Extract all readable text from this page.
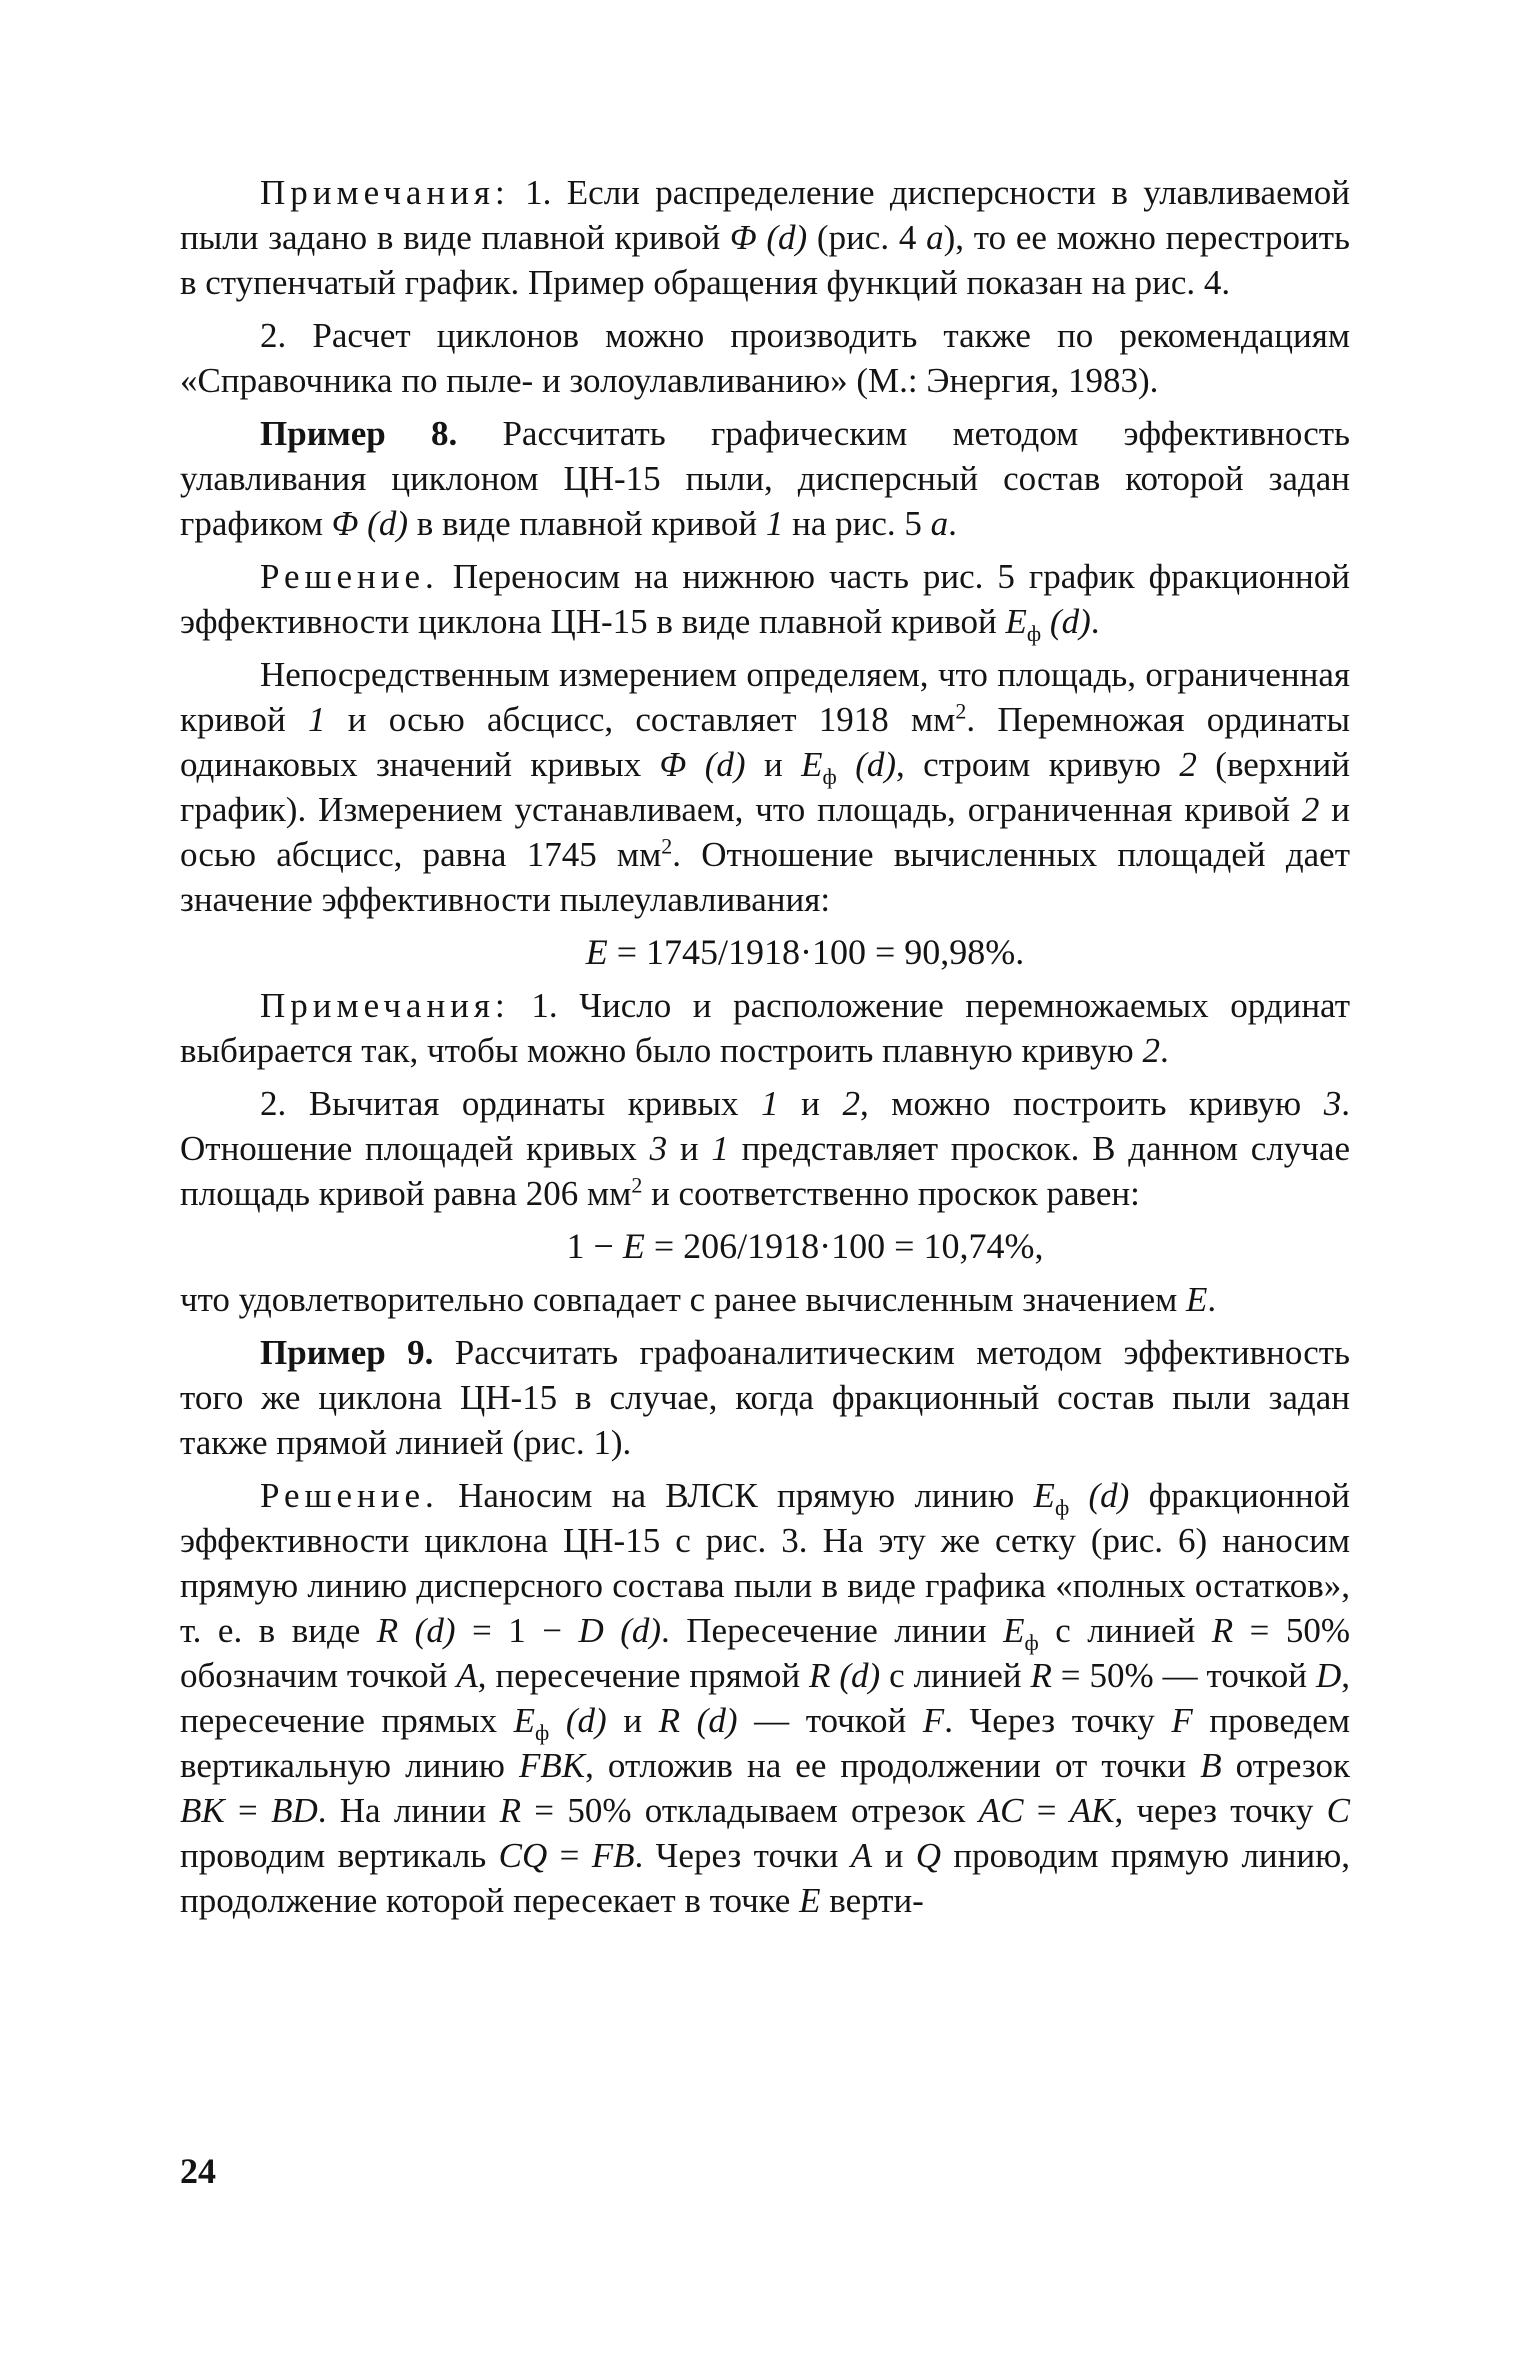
Примечания: 1. Если распределение дисперсности в улавливаемой пыли задано в виде плавной кривой Φ (d) (рис. 4 а), то ее можно перестроить в ступенчатый график. Пример обращения функций показан на рис. 4.

2. Расчет циклонов можно производить также по рекомендациям «Справочника по пыле- и золоулавливанию» (М.: Энергия, 1983).

Пример 8. Рассчитать графическим методом эффективность улавливания циклоном ЦН-15 пыли, дисперсный состав которой задан графиком Φ (d) в виде плавной кривой 1 на рис. 5 а.

Решение. Переносим на нижнюю часть рис. 5 график фракционной эффективности циклона ЦН-15 в виде плавной кривой $E_ф$ (d).

Непосредственным измерением определяем, что площадь, ограниченная кривой 1 и осью абсцисс, составляет 1918 $мм^2$. Перемножая ординаты одинаковых значений кривых Φ (d) и $E_ф$ (d), строим кривую 2 (верхний график). Измерением устанавливаем, что площадь, ограниченная кривой 2 и осью абсцисс, равна 1745 $мм^2$. Отношение вычисленных площадей дает значение эффективности пылеулавливания:

E = 1745/1918·100 = 90,98%.

Примечания: 1. Число и расположение перемножаемых ординат выбирается так, чтобы можно было построить плавную кривую 2.

2. Вычитая ординаты кривых 1 и 2, можно построить кривую 3. Отношение площадей кривых 3 и 1 представляет проскок. В данном случае площадь кривой равна 206 $мм^2$ и соответственно проскок равен:

1 − E = 206/1918·100 = 10,74%,

что удовлетворительно совпадает с ранее вычисленным значением E.

Пример 9. Рассчитать графоаналитическим методом эффективность того же циклона ЦН-15 в случае, когда фракционный состав пыли задан также прямой линией (рис. 1).

Решение. Наносим на ВЛСК прямую линию $E_ф$ (d) фракционной эффективности циклона ЦН-15 с рис. 3. На эту же сетку (рис. 6) наносим прямую линию дисперсного состава пыли в виде графика «полных остатков», т. е. в виде R (d) = 1 − D (d). Пересечение линии $E_ф$ с линией R = 50% обозначим точкой A, пересечение прямой R (d) с линией R = 50% — точкой D, пересечение прямых $E_ф$ (d) и R (d) — точкой F. Через точку F проведем вертикальную линию FBK, отложив на ее продолжении от точки B отрезок BK = BD. На линии R = 50% откладываем отрезок AC = AK, через точку C проводим вертикаль CQ = FB. Через точки A и Q проводим прямую линию, продолжение которой пересекает в точке E верти-

24
